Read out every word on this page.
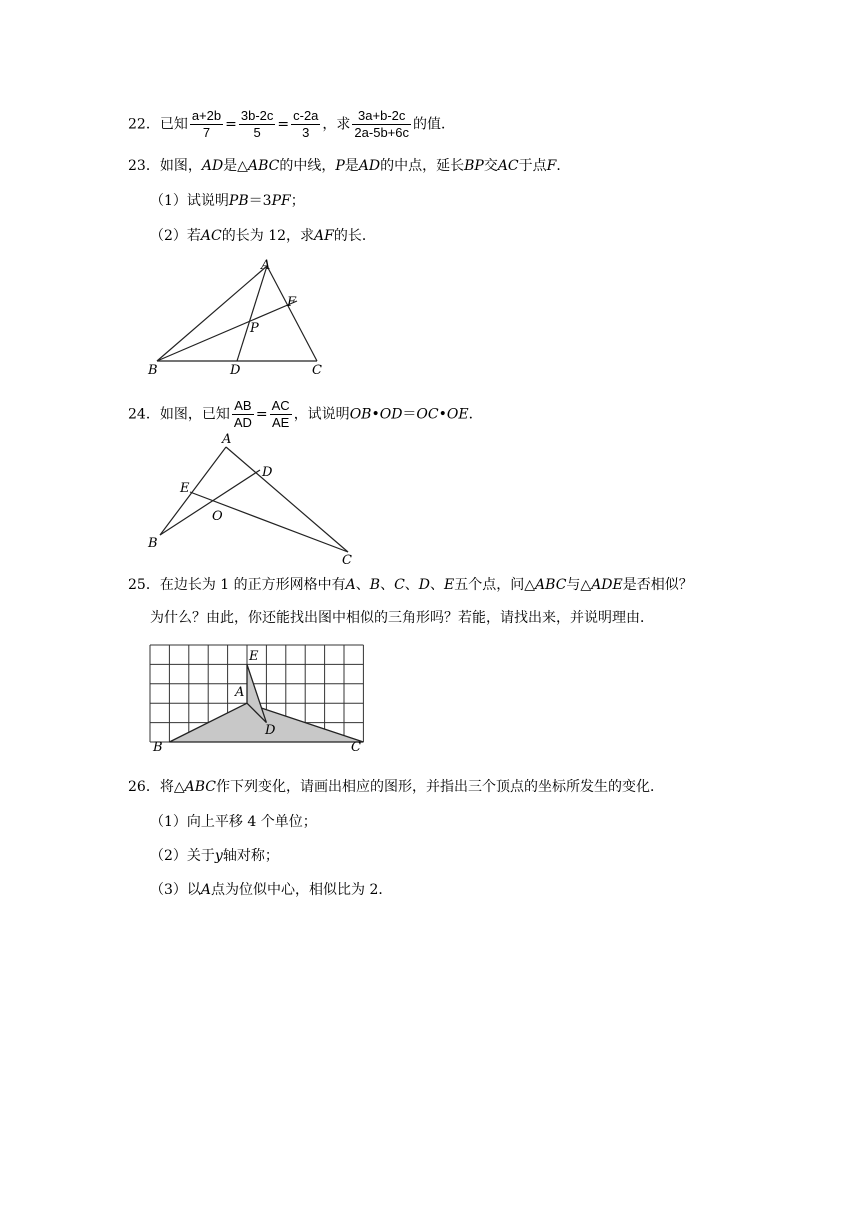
22．已知 $\frac{a+2b}{7} = \frac{3b-2c}{5} = \frac{c-2a}{3}$ ，求 $\frac{3a+b-2c}{2a-5b+6c}$ 的值．
23．如图，AD是△ABC的中线，P是AD的中点，延长BP交AC于点F．
（1）试说明PB＝3PF；
（2）若AC的长为 12，求AF的长．
A
B	C
D
F
P
24．如图，已知 $\frac{AB}{AD} = \frac{AC}{AE}$ ，试说明OB•OD＝OC•OE．
A
B
C
D
E
O
25．在边长为 1 的正方形网格中有A、B、C、D、E五个点，问△ABC与△ADE是否相似？
为什么？由此，你还能找出图中相似的三角形吗？若能，请找出来，并说明理由．
E
A
B	C
D
26．将△ABC作下列变化，请画出相应的图形，并指出三个顶点的坐标所发生的变化．
（1）向上平移 4 个单位；
（2）关于y轴对称；
（3）以A点为位似中心，相似比为 2．
